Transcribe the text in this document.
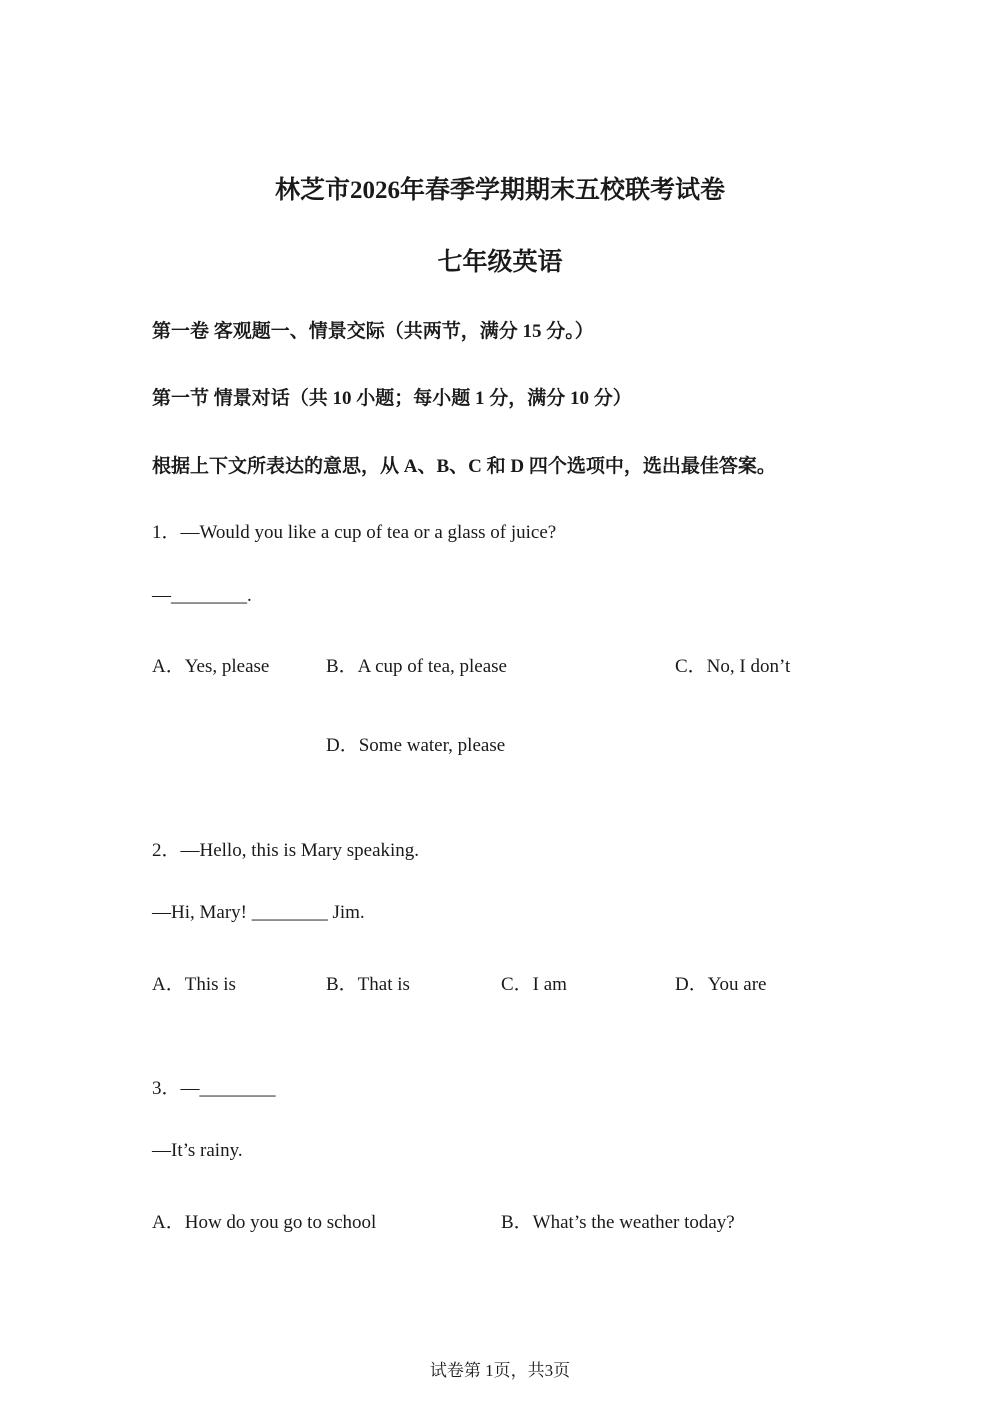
林芝市2026年春季学期期末五校联考试卷
七年级英语
第一卷 客观题一、情景交际（共两节，满分 15 分。）
第一节 情景对话（共 10 小题；每小题 1 分，满分 10 分）
根据上下文所表达的意思，从 A、B、C 和 D 四个选项中，选出最佳答案。
1．—Would you like a cup of tea or a glass of juice?
—________.
A．Yes, please	B．A cup of tea, please	C．No, I don’t
D．Some water, please
2．—Hello, this is Mary speaking.
—Hi, Mary! ________ Jim.
A．This is	B．That is	C．I am	D．You are
3．—________
—It’s rainy.
A．How do you go to school	B．What’s the weather today?
试卷第 1页，共3页
